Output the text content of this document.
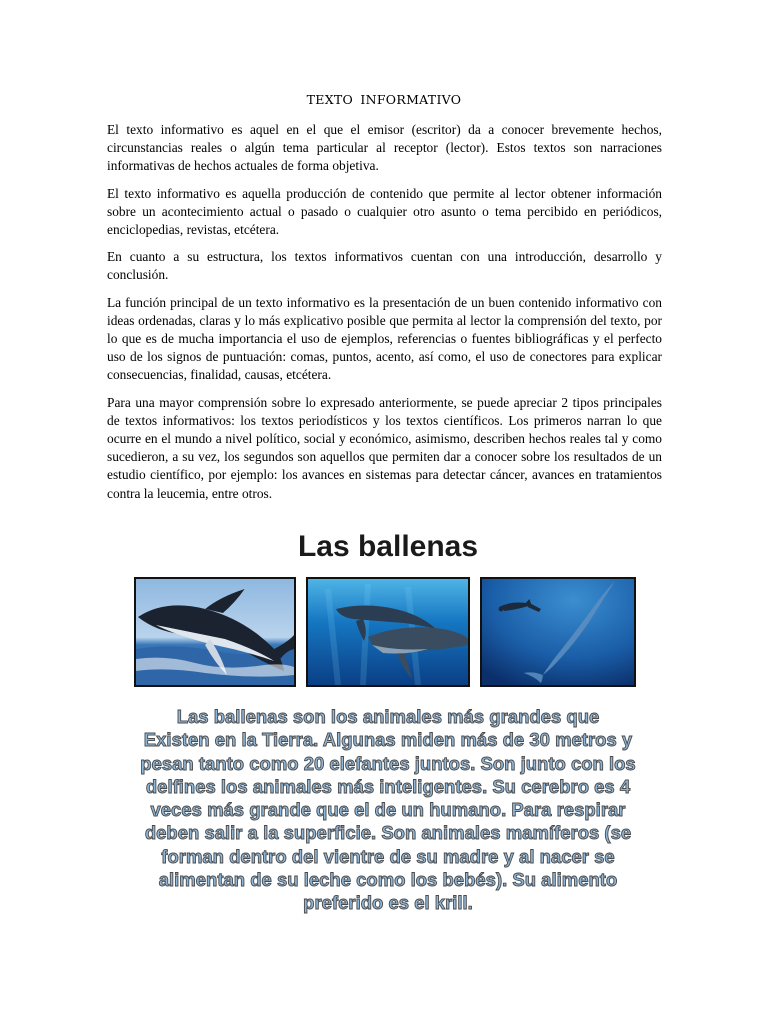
TEXTO INFORMATIVO

El texto informativo es aquel en el que el emisor (escritor) da a conocer brevemente hechos, circunstancias reales o algún tema particular al receptor (lector). Estos textos son narraciones informativas de hechos actuales de forma objetiva.

El texto informativo es aquella producción de contenido que permite al lector obtener información sobre un acontecimiento actual o pasado o cualquier otro asunto o tema percibido en periódicos, enciclopedias, revistas, etcétera.

En cuanto a su estructura, los textos informativos cuentan con una introducción, desarrollo y conclusión.

La función principal de un texto informativo es la presentación de un buen contenido informativo con ideas ordenadas, claras y lo más explicativo posible que permita al lector la comprensión del texto, por lo que es de mucha importancia el uso de ejemplos, referencias o fuentes bibliográficas y el perfecto uso de los signos de puntuación: comas, puntos, acento, así como, el uso de conectores para explicar consecuencias, finalidad, causas, etcétera.

Para una mayor comprensión sobre lo expresado anteriormente, se puede apreciar 2 tipos principales de textos informativos: los textos periodísticos y los textos científicos. Los primeros narran lo que ocurre en el mundo a nivel político, social y económico, asimismo, describen hechos reales tal y como sucedieron, a su vez, los segundos son aquellos que permiten dar a conocer sobre los resultados de un estudio científico, por ejemplo: los avances en sistemas para detectar cáncer, avances en tratamientos contra la leucemia, entre otros.

Las ballenas
Las ballenas son los animales más grandes que
Existen en la Tierra. Algunas miden más de 30 metros y
pesan tanto como 20 elefantes juntos. Son junto con los
delfines los animales más inteligentes. Su cerebro es 4
veces más grande que el de un humano. Para respirar
deben salir a la superficie. Son animales mamíferos (se
forman dentro del vientre de su madre y al nacer se
alimentan de su leche como los bebés). Su alimento
preferido es el krill.
